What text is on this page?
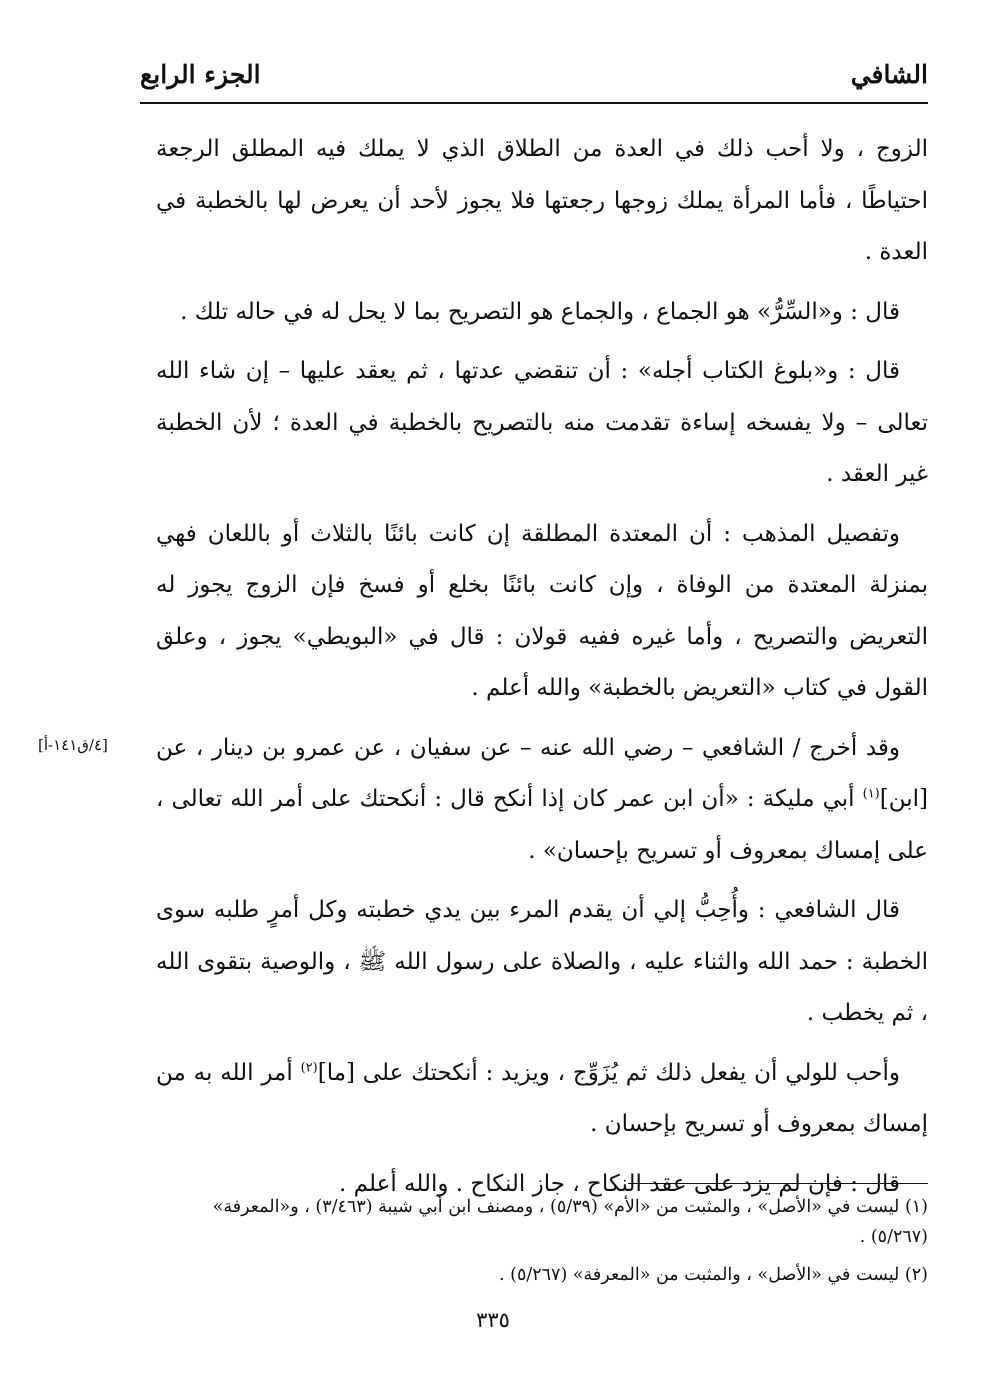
الشافي
الجزء الرابع

الزوج ، ولا أحب ذلك في العدة من الطلاق الذي لا يملك فيه المطلق الرجعة احتياطًا ، فأما المرأة يملك زوجها رجعتها فلا يجوز لأحد أن يعرض لها بالخطبة في العدة .

قال : و«السِّرُّ» هو الجماع ، والجماع هو التصريح بما لا يحل له في حاله تلك .

قال : و«بلوغ الكتاب أجله» : أن تنقضي عدتها ، ثم يعقد عليها – إن شاء الله تعالى – ولا يفسخه إساءة تقدمت منه بالتصريح بالخطبة في العدة ؛ لأن الخطبة غير العقد .

وتفصيل المذهب : أن المعتدة المطلقة إن كانت بائنًا بالثلاث أو باللعان فهي بمنزلة المعتدة من الوفاة ، وإن كانت بائنًا بخلع أو فسخ فإن الزوج يجوز له التعريض والتصريح ، وأما غيره ففيه قولان : قال في «البويطي» يجوز ، وعلق القول في كتاب «التعريض بالخطبة» والله أعلم .

وقد أخرج / الشافعي – رضي الله عنه – عن سفيان ، عن عمرو بن دينار ، عن [ابن]$^{(١)}$ أبي مليكة : «أن ابن عمر كان إذا أنكح قال : أنكحتك على أمر الله تعالى ، على إمساك بمعروف أو تسريح بإحسان» .

قال الشافعي : وأُحِبُّ إلي أن يقدم المرء بين يدي خطبته وكل أمرٍ طلبه سوى الخطبة : حمد الله والثناء عليه ، والصلاة على رسول الله ﷺ ، والوصية بتقوى الله ، ثم يخطب .

وأحب للولي أن يفعل ذلك ثم يُزَوِّج ، ويزيد : أنكحتك على [ما]$^{(٢)}$ أمر الله به من إمساك بمعروف أو تسريح بإحسان .

قال : فإن لم يزد على عقد النكاح ، جاز النكاح . والله أعلم .

[٤/ق١٤١-أ]
(١) ليست في «الأصل» ، والمثبت من «الأم» (٥/٣٩) ، ومصنف ابن أبي شيبة (٣/٤٦٣) ، و«المعرفة» (٥/٢٦٧) .
(٢) ليست في «الأصل» ، والمثبت من «المعرفة» (٥/٢٦٧) .
٣٣٥
